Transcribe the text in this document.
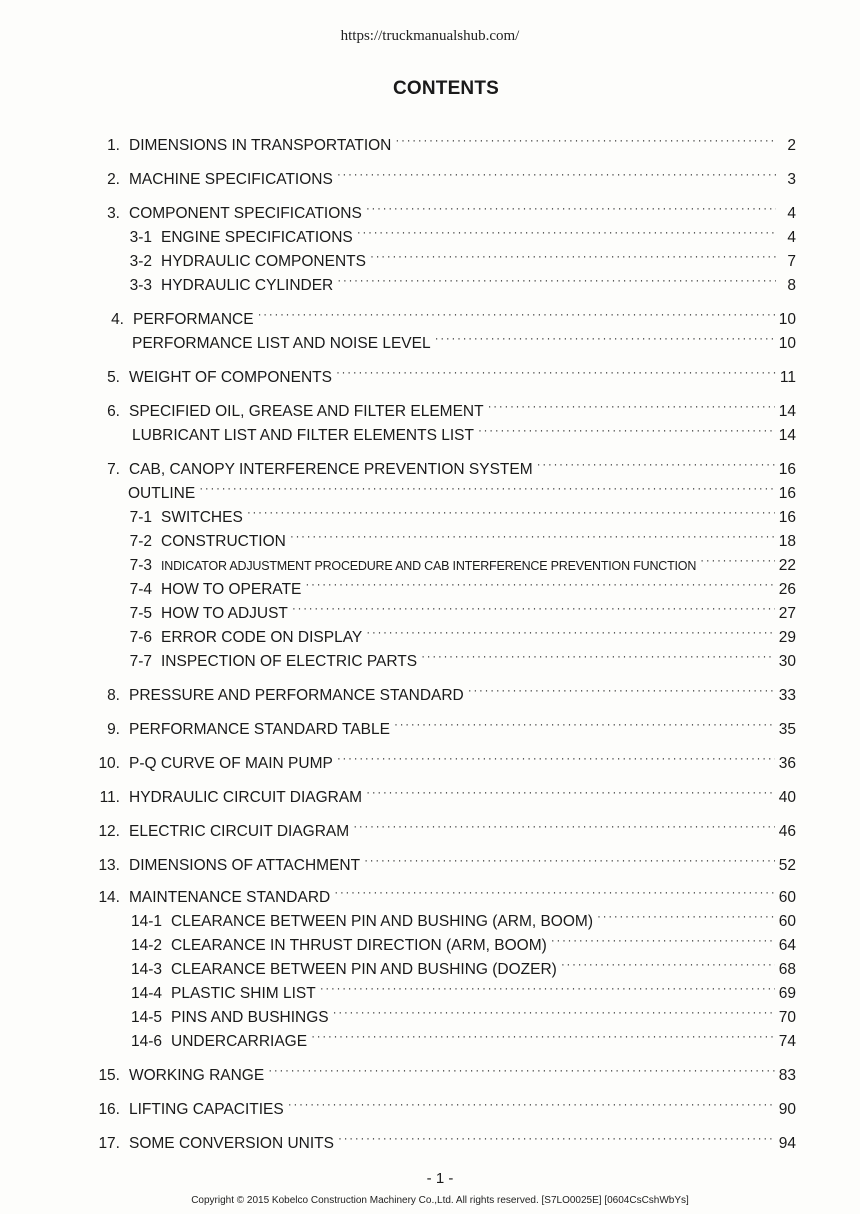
https://truckmanualshub.com/
CONTENTS
1. DIMENSIONS IN TRANSPORTATION ·····	2
2. MACHINE SPECIFICATIONS ·····	3
3. COMPONENT SPECIFICATIONS ·····	4
3-1 ENGINE SPECIFICATIONS ·····	4
3-2 HYDRAULIC COMPONENTS ·····	7
3-3 HYDRAULIC CYLINDER ·····	8
4. PERFORMANCE ·····	10
PERFORMANCE LIST AND NOISE LEVEL ·····	10
5. WEIGHT OF COMPONENTS ·····	11
6. SPECIFIED OIL, GREASE AND FILTER ELEMENT ·····	14
LUBRICANT LIST AND FILTER ELEMENTS LIST ·····	14
7. CAB, CANOPY INTERFERENCE PREVENTION SYSTEM ·····	16
OUTLINE ·····	16
7-1 SWITCHES ·····	16
7-2 CONSTRUCTION ·····	18
7-3 INDICATOR ADJUSTMENT PROCEDURE AND CAB INTERFERENCE PREVENTION FUNCTION ·····	22
7-4 HOW TO OPERATE ·····	26
7-5 HOW TO ADJUST ·····	27
7-6 ERROR CODE ON DISPLAY ·····	29
7-7 INSPECTION OF ELECTRIC PARTS ·····	30
8. PRESSURE AND PERFORMANCE STANDARD ·····	33
9. PERFORMANCE STANDARD TABLE ·····	35
10. P-Q CURVE OF MAIN PUMP ·····	36
11. HYDRAULIC CIRCUIT DIAGRAM ·····	40
12. ELECTRIC CIRCUIT DIAGRAM ·····	46
13. DIMENSIONS OF ATTACHMENT ·····	52
14. MAINTENANCE STANDARD ·····	60
14-1 CLEARANCE BETWEEN PIN AND BUSHING (ARM, BOOM) ·····	60
14-2 CLEARANCE IN THRUST DIRECTION (ARM, BOOM) ·····	64
14-3 CLEARANCE BETWEEN PIN AND BUSHING (DOZER) ·····	68
14-4 PLASTIC SHIM LIST ·····	69
14-5 PINS AND BUSHINGS ·····	70
14-6 UNDERCARRIAGE ·····	74
15. WORKING RANGE ·····	83
16. LIFTING CAPACITIES ·····	90
17. SOME CONVERSION UNITS ·····	94
- 1 -
Copyright © 2015 Kobelco Construction Machinery Co.,Ltd. All rights reserved. [S7LO0025E] [0604CsCshWbYs]
